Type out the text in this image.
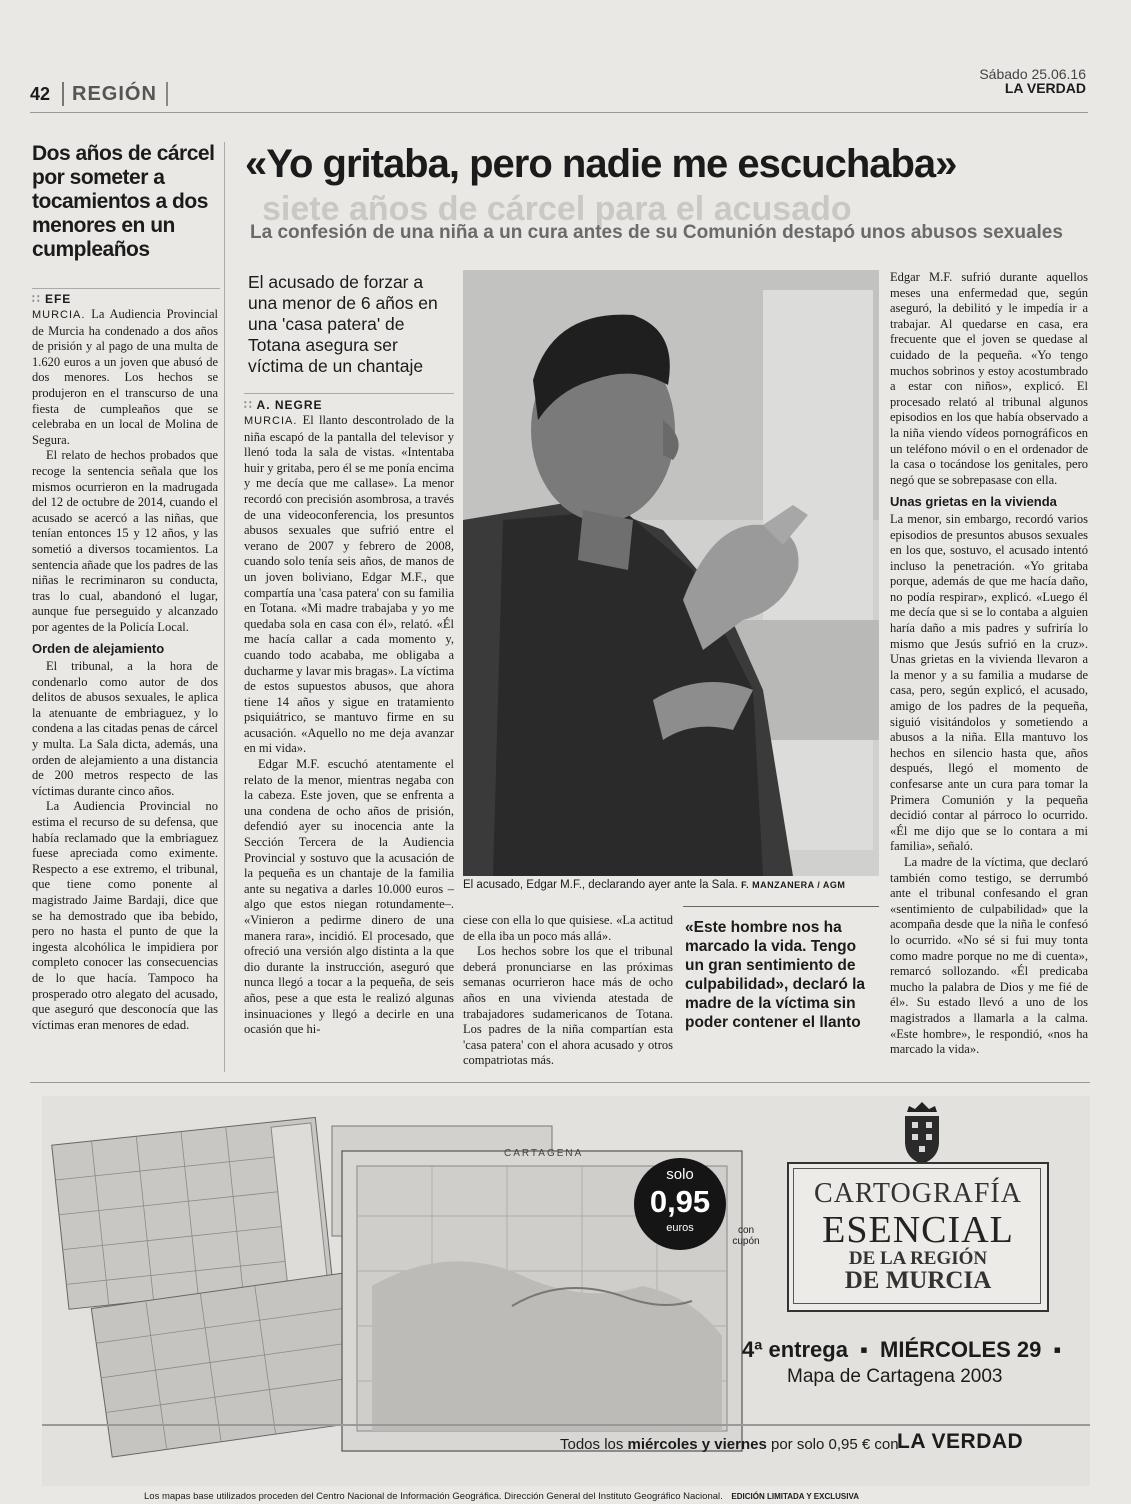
42 REGIÓN
Sábado 25.06.16
LA VERDAD
Dos años de cárcel por someter a tocamientos a dos menores en un cumpleaños
∷ EFE

MURCIA. La Audiencia Provincial de Murcia ha condenado a dos años de prisión y al pago de una multa de 1.620 euros a un joven que abusó de dos menores. Los hechos se produjeron en el transcurso de una fiesta de cumpleaños que se celebraba en un local de Molina de Segura.

El relato de hechos probados que recoge la sentencia señala que los mismos ocurrieron en la madrugada del 12 de octubre de 2014, cuando el acusado se acercó a las niñas, que tenían entonces 15 y 12 años, y las sometió a diversos tocamientos. La sentencia añade que los padres de las niñas le recriminaron su conducta, tras lo cual, abandonó el lugar, aunque fue perseguido y alcanzado por agentes de la Policía Local.

Orden de alejamiento

El tribunal, a la hora de condenarlo como autor de dos delitos de abusos sexuales, le aplica la atenuante de embriaguez, y lo condena a las citadas penas de cárcel y multa. La Sala dicta, además, una orden de alejamiento a una distancia de 200 metros respecto de las víctimas durante cinco años.

La Audiencia Provincial no estima el recurso de su defensa, que había reclamado que la embriaguez fuese apreciada como eximente. Respecto a ese extremo, el tribunal, que tiene como ponente al magistrado Jaime Bardaji, dice que se ha demostrado que iba bebido, pero no hasta el punto de que la ingesta alcohólica le impidiera por completo conocer las consecuencias de lo que hacía. Tampoco ha prosperado otro alegato del acusado, que aseguró que desconocía que las víctimas eran menores de edad.

siete años de cárcel para el acusado
«Yo gritaba, pero nadie me escuchaba»
La confesión de una niña a un cura antes de su Comunión destapó unos abusos sexuales
El acusado de forzar a una menor de 6 años en una 'casa patera' de Totana asegura ser víctima de un chantaje
∷ A. NEGRE

MURCIA. El llanto descontrolado de la niña escapó de la pantalla del televisor y llenó toda la sala de vistas. «Intentaba huir y gritaba, pero él se me ponía encima y me decía que me callase». La menor recordó con precisión asombrosa, a través de una videoconferencia, los presuntos abusos sexuales que sufrió entre el verano de 2007 y febrero de 2008, cuando solo tenía seis años, de manos de un joven boliviano, Edgar M.F., que compartía una 'casa patera' con su familia en Totana. «Mi madre trabajaba y yo me quedaba sola en casa con él», relató. «Él me hacía callar a cada momento y, cuando todo acababa, me obligaba a ducharme y lavar mis bragas». La víctima de estos supuestos abusos, que ahora tiene 14 años y sigue en tratamiento psiquiátrico, se mantuvo firme en su acusación. «Aquello no me deja avanzar en mi vida».

Edgar M.F. escuchó atentamente el relato de la menor, mientras negaba con la cabeza. Este joven, que se enfrenta a una condena de ocho años de prisión, defendió ayer su inocencia ante la Sección Tercera de la Audiencia Provincial y sostuvo que la acusación de la pequeña es un chantaje de la familia ante su negativa a darles 10.000 euros –algo que estos niegan rotundamente–. «Vinieron a pedirme dinero de una manera rara», incidió. El procesado, que ofreció una versión algo distinta a la que dio durante la instrucción, aseguró que nunca llegó a tocar a la pequeña, de seis años, pese a que esta le realizó algunas insinuaciones y llegó a decirle en una ocasión que hi-

El acusado, Edgar M.F., declarando ayer ante la Sala. F. MANZANERA / AGM

ciese con ella lo que quisiese. «La actitud de ella iba un poco más allá».

Los hechos sobre los que el tribunal deberá pronunciarse en las próximas semanas ocurrieron hace más de ocho años en una vivienda atestada de trabajadores sudamericanos de Totana. Los padres de la niña compartían esta 'casa patera' con el ahora acusado y otros compatriotas más.

«Este hombre nos ha marcado la vida. Tengo un gran sentimiento de culpabilidad», declaró la madre de la víctima sin poder contener el llanto

Edgar M.F. sufrió durante aquellos meses una enfermedad que, según aseguró, la debilitó y le impedía ir a trabajar. Al quedarse en casa, era frecuente que el joven se quedase al cuidado de la pequeña. «Yo tengo muchos sobrinos y estoy acostumbrado a estar con niños», explicó. El procesado relató al tribunal algunos episodios en los que había observado a la niña viendo vídeos pornográficos en un teléfono móvil o en el ordenador de la casa o tocándose los genitales, pero negó que se sobrepasase con ella.

Unas grietas en la vivienda

La menor, sin embargo, recordó varios episodios de presuntos abusos sexuales en los que, sostuvo, el acusado intentó incluso la penetración. «Yo gritaba porque, además de que me hacía daño, no podía respirar», explicó. «Luego él me decía que si se lo contaba a alguien haría daño a mis padres y sufriría lo mismo que Jesús sufrió en la cruz». Unas grietas en la vivienda llevaron a la menor y a su familia a mudarse de casa, pero, según explicó, el acusado, amigo de los padres de la pequeña, siguió visitándolos y sometiendo a abusos a la niña. Ella mantuvo los hechos en silencio hasta que, años después, llegó el momento de confesarse ante un cura para tomar la Primera Comunión y la pequeña decidió contar al párroco lo ocurrido. «Él me dijo que se lo contara a mi familia», señaló.

La madre de la víctima, que declaró también como testigo, se derrumbó ante el tribunal confesando el gran «sentimiento de culpabilidad» que la acompaña desde que la niña le confesó lo ocurrido. «No sé si fui muy tonta como madre porque no me di cuenta», remarcó sollozando. «Él predicaba mucho la palabra de Dios y me fié de él». Su estado llevó a uno de los magistrados a llamarla a la calma. «Este hombre», le respondió, «nos ha marcado la vida».

CARTAGENA
solo
0,95
euros	con cupón
CARTOGRAFÍA
ESENCIAL
DE LA REGIÓN
DE MURCIA
4ª entrega ▪ MIÉRCOLES 29 ▪
Mapa de Cartagena 2003
Todos los miércoles y viernes por solo 0,95 € con
LA VERDAD
Los mapas base utilizados proceden del Centro Nacional de Información Geográfica. Dirección General del Instituto Geográfico Nacional. EDICIÓN LIMITADA Y EXCLUSIVA
